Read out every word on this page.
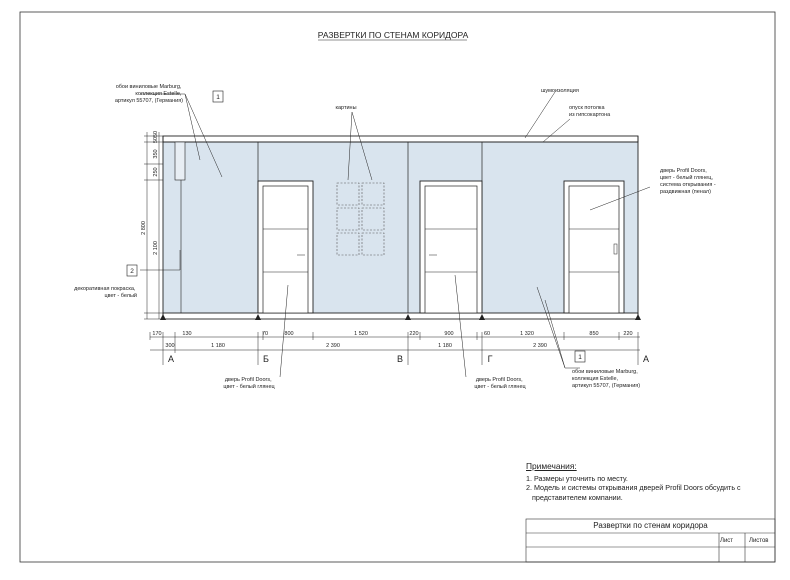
РАЗВЕРТКИ ПО СТЕНАМ КОРИДОРА
50
50
350
250
2 800
2 100
170	130	70	800	1 520	220	900	60	1 320	850	220
300	1 180	2 390	1 180	2 390
А	Б	В	Г	А
1
2
1
обои виниловые Marburg, коллекция Estelle, артикул 55707, (Германия)
картины
шумоизоляция
опуск потолка из гипсокартона
дверь Profil Doors, цвет - белый глянец, система открывания - раздвижная (пенал)
декоративная покраска, цвет - белый
дверь Profil Doors, цвет - белый глянец
дверь Profil Doors, цвет - белый глянец
обои виниловые Marburg, коллекция Estelle, артикул 55707, (Германия)
Примечания:
1. Размеры уточнить по месту.
2. Модель и системы открывания дверей Profil Doors обсудить с
представителем компании.
Развертки по стенам коридора
Лист	Листов
